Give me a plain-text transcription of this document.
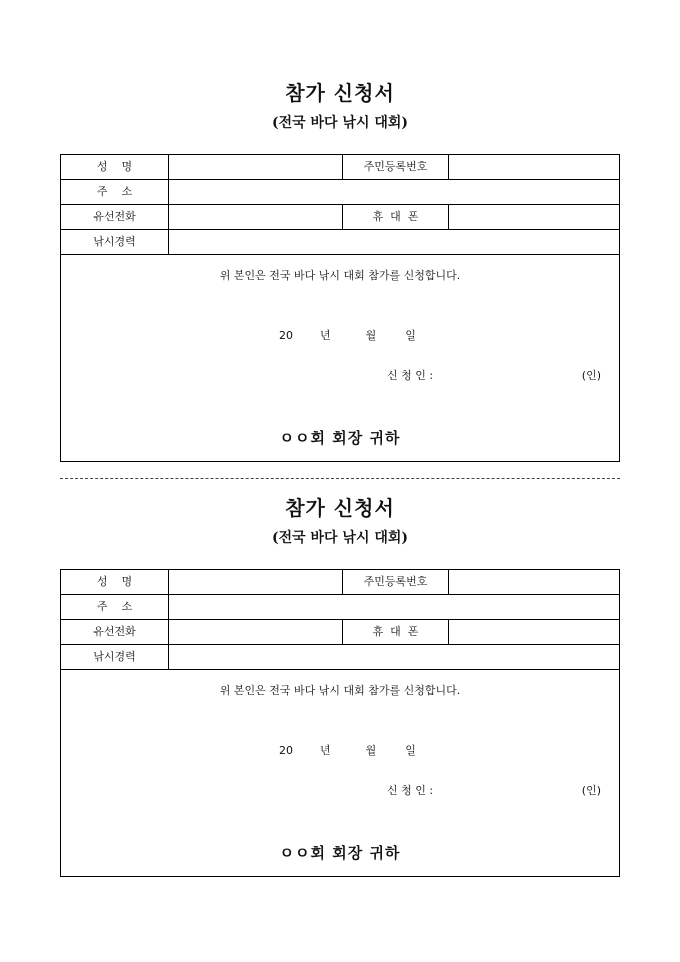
참가 신청서
(전국 바다 낚시 대회)
성    명	주민등록번호
주    소
유선전화	휴  대  폰
낚시경력
위 본인은 전국 바다 낚시 대회 참가를 신청합니다.
20 년	월	일
신 청 인 :	(인)
ㅇㅇ회 회장 귀하
참가 신청서
(전국 바다 낚시 대회)
성    명	주민등록번호
주    소
유선전화	휴  대  폰
낚시경력
위 본인은 전국 바다 낚시 대회 참가를 신청합니다.
20 년	월	일
신 청 인 :	(인)
ㅇㅇ회 회장 귀하
